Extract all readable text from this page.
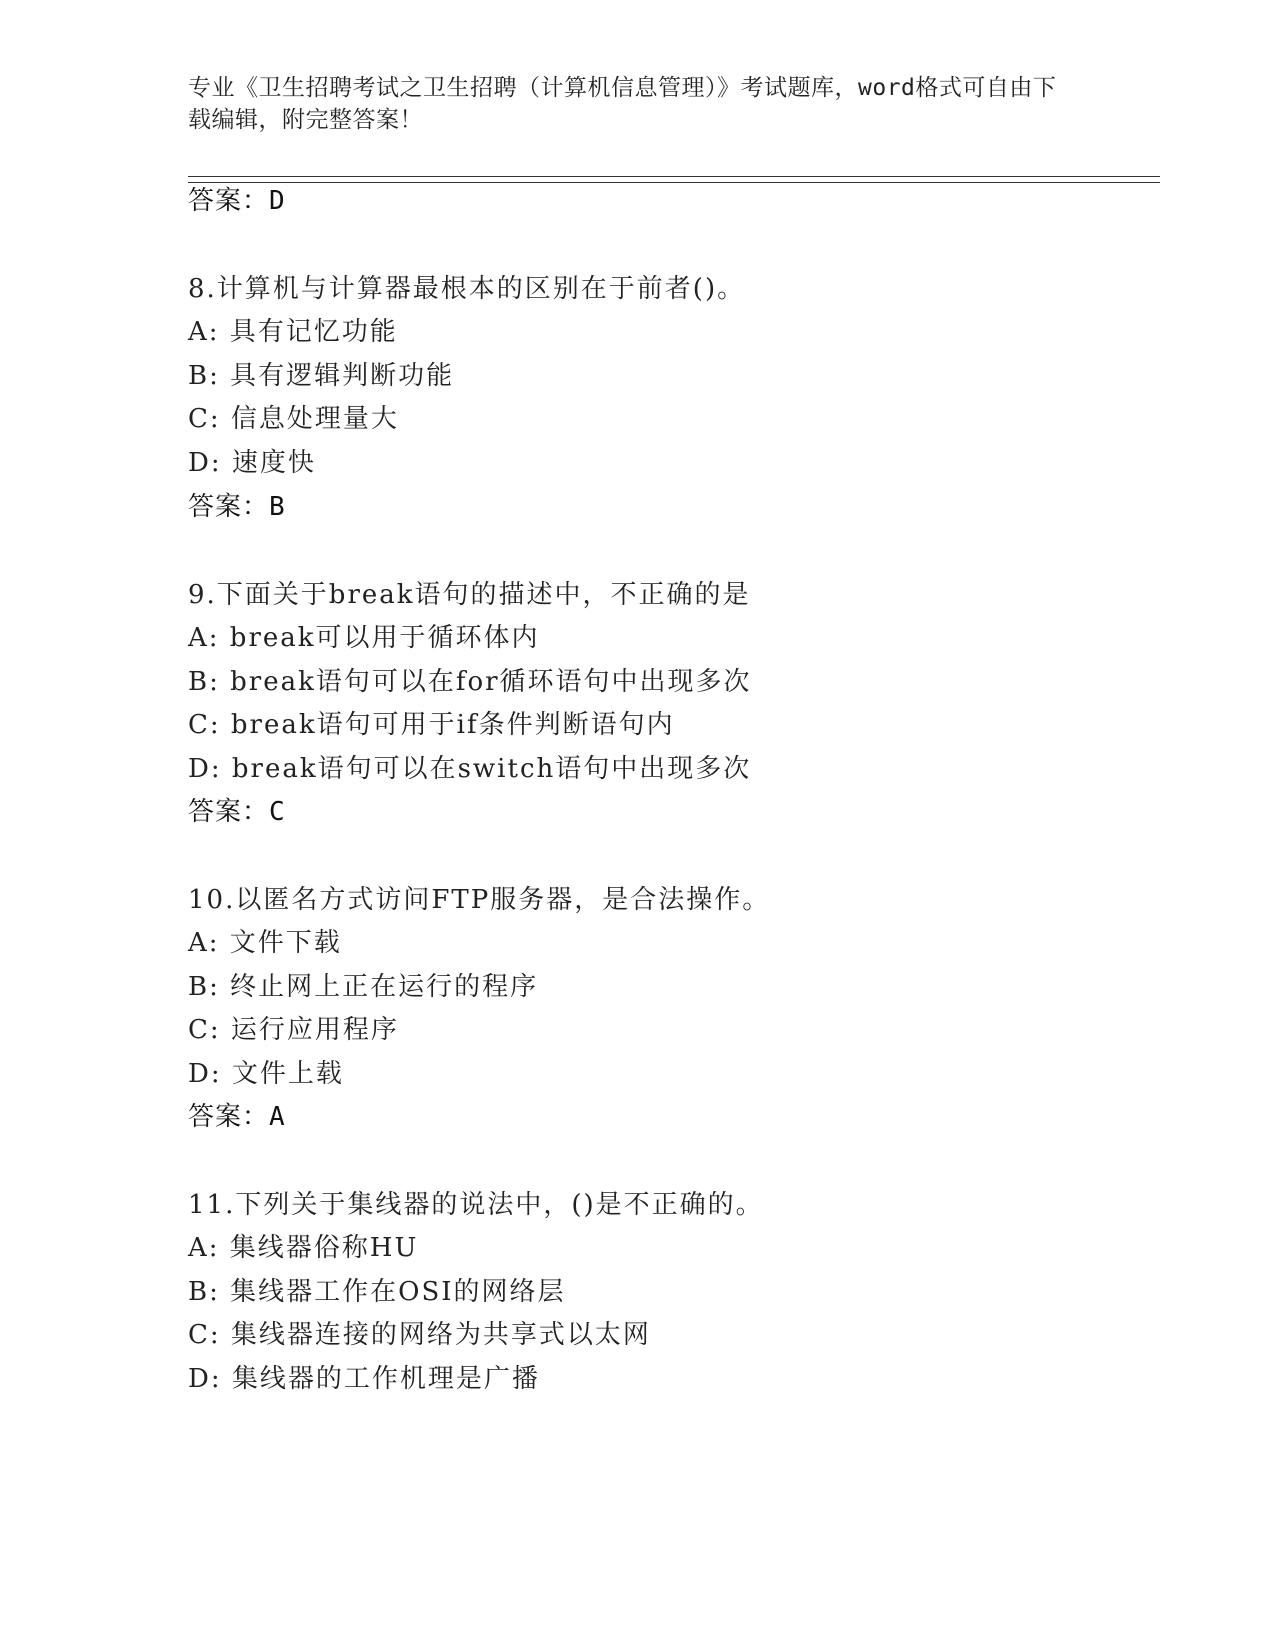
专业《卫生招聘考试之卫生招聘（计算机信息管理）》考试题库，word格式可自由下载编辑，附完整答案！
答案：D
8.计算机与计算器最根本的区别在于前者()。
A: 具有记忆功能
B: 具有逻辑判断功能
C: 信息处理量大
D: 速度快
答案：B
9.下面关于break语句的描述中，不正确的是
A: break可以用于循环体内
B: break语句可以在for循环语句中出现多次
C: break语句可用于if条件判断语句内
D: break语句可以在switch语句中出现多次
答案：C
10.以匿名方式访问FTP服务器，是合法操作。
A: 文件下载
B: 终止网上正在运行的程序
C: 运行应用程序
D: 文件上载
答案：A
11.下列关于集线器的说法中，()是不正确的。
A: 集线器俗称HU
B: 集线器工作在OSI的网络层
C: 集线器连接的网络为共享式以太网
D: 集线器的工作机理是广播
